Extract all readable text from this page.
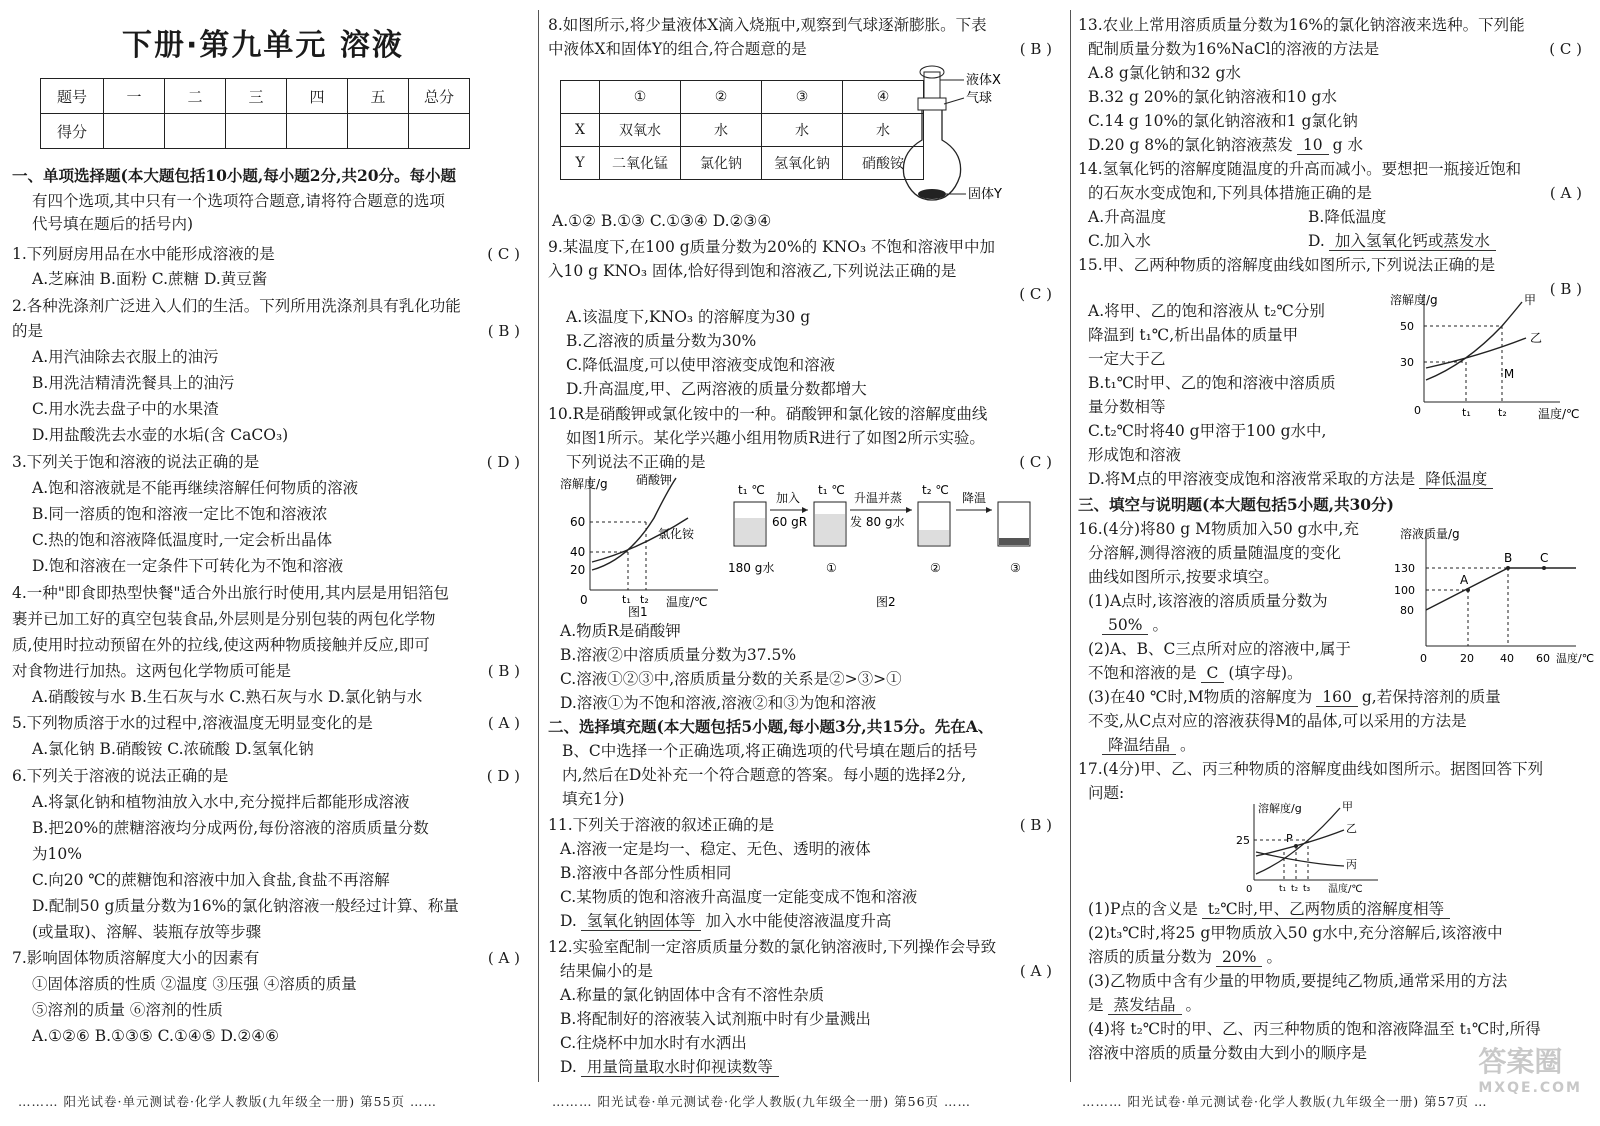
下册·第九单元 溶液
题号	一	二	三	四	五	总分
得分						
一、单项选择题(本大题包括10小题,每小题2分,共20分。每小题
有四个选项,其中只有一个选项符合题意,请将符合题意的选项
代号填在题后的括号内)
1.下列厨房用品在水中能形成溶液的是	( C )
A.芝麻油 B.面粉 C.蔗糖 D.黄豆酱
2.各种洗涤剂广泛进入人们的生活。下列所用洗涤剂具有乳化功能
的是	( B )
A.用汽油除去衣服上的油污
B.用洗洁精清洗餐具上的油污
C.用水洗去盘子中的水果渣
D.用盐酸洗去水壶的水垢(含 CaCO₃)
3.下列关于饱和溶液的说法正确的是	( D )
A.饱和溶液就是不能再继续溶解任何物质的溶液
B.同一溶质的饱和溶液一定比不饱和溶液浓
C.热的饱和溶液降低温度时,一定会析出晶体
D.饱和溶液在一定条件下可转化为不饱和溶液
4.一种"即食即热型快餐"适合外出旅行时使用,其内层是用铝箔包
裹并已加工好的真空包装食品,外层则是分别包装的两包化学物
质,使用时拉动预留在外的拉线,使这两种物质接触并反应,即可
对食物进行加热。这两包化学物质可能是	( B )
A.硝酸铵与水 B.生石灰与水 C.熟石灰与水 D.氯化钠与水
5.下列物质溶于水的过程中,溶液温度无明显变化的是	( A )
A.氯化钠 B.硝酸铵 C.浓硫酸 D.氢氧化钠
6.下列关于溶液的说法正确的是	( D )
A.将氯化钠和植物油放入水中,充分搅拌后都能形成溶液
B.把20%的蔗糖溶液均分成两份,每份溶液的溶质质量分数
为10%
C.向20 ℃的蔗糖饱和溶液中加入食盐,食盐不再溶解
D.配制50 g质量分数为16%的氯化钠溶液一般经过计算、称量
(或量取)、溶解、装瓶存放等步骤
7.影响固体物质溶解度大小的因素有	( A )
①固体溶质的性质 ②温度 ③压强 ④溶质的质量
⑤溶剂的质量 ⑥溶剂的性质
A.①②⑥ B.①③⑤ C.①④⑤ D.②④⑥
8.如图所示,将少量液体X滴入烧瓶中,观察到气球逐渐膨胀。下表
中液体X和固体Y的组合,符合题意的是	( B )
	①	②	③	④
X	双氧水	水	水	水
Y	二氧化锰	氯化钠	氢氧化钠	硝酸铵
液体X
气球
固体Y
A.①② B.①③ C.①③④ D.②③④
9.某温度下,在100 g质量分数为20%的 KNO₃ 不饱和溶液甲中加
入10 g KNO₃ 固体,恰好得到饱和溶液乙,下列说法正确的是
( C )
A.该温度下,KNO₃ 的溶解度为30 g
B.乙溶液的质量分数为30%
C.降低温度,可以使甲溶液变成饱和溶液
D.升高温度,甲、乙两溶液的质量分数都增大
10.R是硝酸钾或氯化铵中的一种。硝酸钾和氯化铵的溶解度曲线
如图1所示。某化学兴趣小组用物质R进行了如图2所示实验。
下列说法不正确的是	( C )
溶解度/g
温度/℃
0
60
40
20
硝酸钾
氯化铵
t₁ t₂
图1
t₁ ℃
180 g水
加入
60 gR
t₁ ℃
①
升温并蒸
发 80 g水
t₂ ℃
②
降温
③
图2
A.物质R是硝酸钾
B.溶液②中溶质质量分数为37.5%
C.溶液①②③中,溶质质量分数的关系是②>③>①
D.溶液①为不饱和溶液,溶液②和③为饱和溶液
二、选择填充题(本大题包括5小题,每小题3分,共15分。先在A、
B、C中选择一个正确选项,将正确选项的代号填在题后的括号
内,然后在D处补充一个符合题意的答案。每小题的选择2分,
填充1分)
11.下列关于溶液的叙述正确的是	( B )
A.溶液一定是均一、稳定、无色、透明的液体
B.溶液中各部分性质相同
C.某物质的饱和溶液升高温度一定能变成不饱和溶液
D. 氢氧化钠固体等 加入水中能使溶液温度升高
12.实验室配制一定溶质质量分数的氯化钠溶液时,下列操作会导致
结果偏小的是	( A )
A.称量的氯化钠固体中含有不溶性杂质
B.将配制好的溶液装入试剂瓶中时有少量溅出
C.往烧杯中加水时有水洒出
D. 用量筒量取水时仰视读数等
13.农业上常用溶质质量分数为16%的氯化钠溶液来选种。下列能
配制质量分数为16%NaCl的溶液的方法是	( C )
A.8 g氯化钠和32 g水
B.32 g 20%的氯化钠溶液和10 g水
C.14 g 10%的氯化钠溶液和1 g氯化钠
D.20 g 8%的氯化钠溶液蒸发 10 g 水
14.氢氧化钙的溶解度随温度的升高而减小。要想把一瓶接近饱和
的石灰水变成饱和,下列具体措施正确的是	( A )
A.升高温度	B.降低温度
C.加入水	D. 加入氢氧化钙或蒸发水
15.甲、乙两种物质的溶解度曲线如图所示,下列说法正确的是
( B )
A.将甲、乙的饱和溶液从 t₂℃分别
降温到 t₁℃,析出晶体的质量甲
一定大于乙
B.t₁℃时甲、乙的饱和溶液中溶质质
量分数相等
C.t₂℃时将40 g甲溶于100 g水中,
形成饱和溶液
D.将M点的甲溶液变成饱和溶液常采取的方法是 降低温度
溶解度/g
温度/℃
0
50
30
甲
乙
·M
t₁ t₂
三、填空与说明题(本大题包括5小题,共30分)
16.(4分)将80 g M物质加入50 g水中,充
分溶解,测得溶液的质量随温度的变化
曲线如图所示,按要求填空。
(1)A点时,该溶液的溶质质量分数为
50% 。
(2)A、B、C三点所对应的溶液中,属于
不饱和溶液的是 C (填字母)。
(3)在40 ℃时,M物质的溶解度为 160 g,若保持溶剂的质量
不变,从C点对应的溶液获得M的晶体,可以采用的方法是
降温结晶 。
溶液质量/g
130
100
80
A
B C
0	20 40 60 温度/℃
17.(4分)甲、乙、丙三种物质的溶解度曲线如图所示。据图回答下列
问题:
溶解度/g
25
0
P
甲
乙
丙
t₁ t₂ t₃ 温度/℃
(1)P点的含义是 t₂℃时,甲、乙两物质的溶解度相等
(2)t₃℃时,将25 g甲物质放入50 g水中,充分溶解后,该溶液中
溶质的质量分数为 20% 。
(3)乙物质中含有少量的甲物质,要提纯乙物质,通常采用的方法
是 蒸发结晶 。
(4)将 t₂℃时的甲、乙、丙三种物质的饱和溶液降温至 t₁℃时,所得
溶液中溶质的质量分数由大到小的顺序是
……… 阳光试卷·单元测试卷·化学人教版(九年级全一册) 第55页 ……	……… 阳光试卷·单元测试卷·化学人教版(九年级全一册) 第56页 ……	……… 阳光试卷·单元测试卷·化学人教版(九年级全一册) 第57页 …
答案圈
MXQE.COM
